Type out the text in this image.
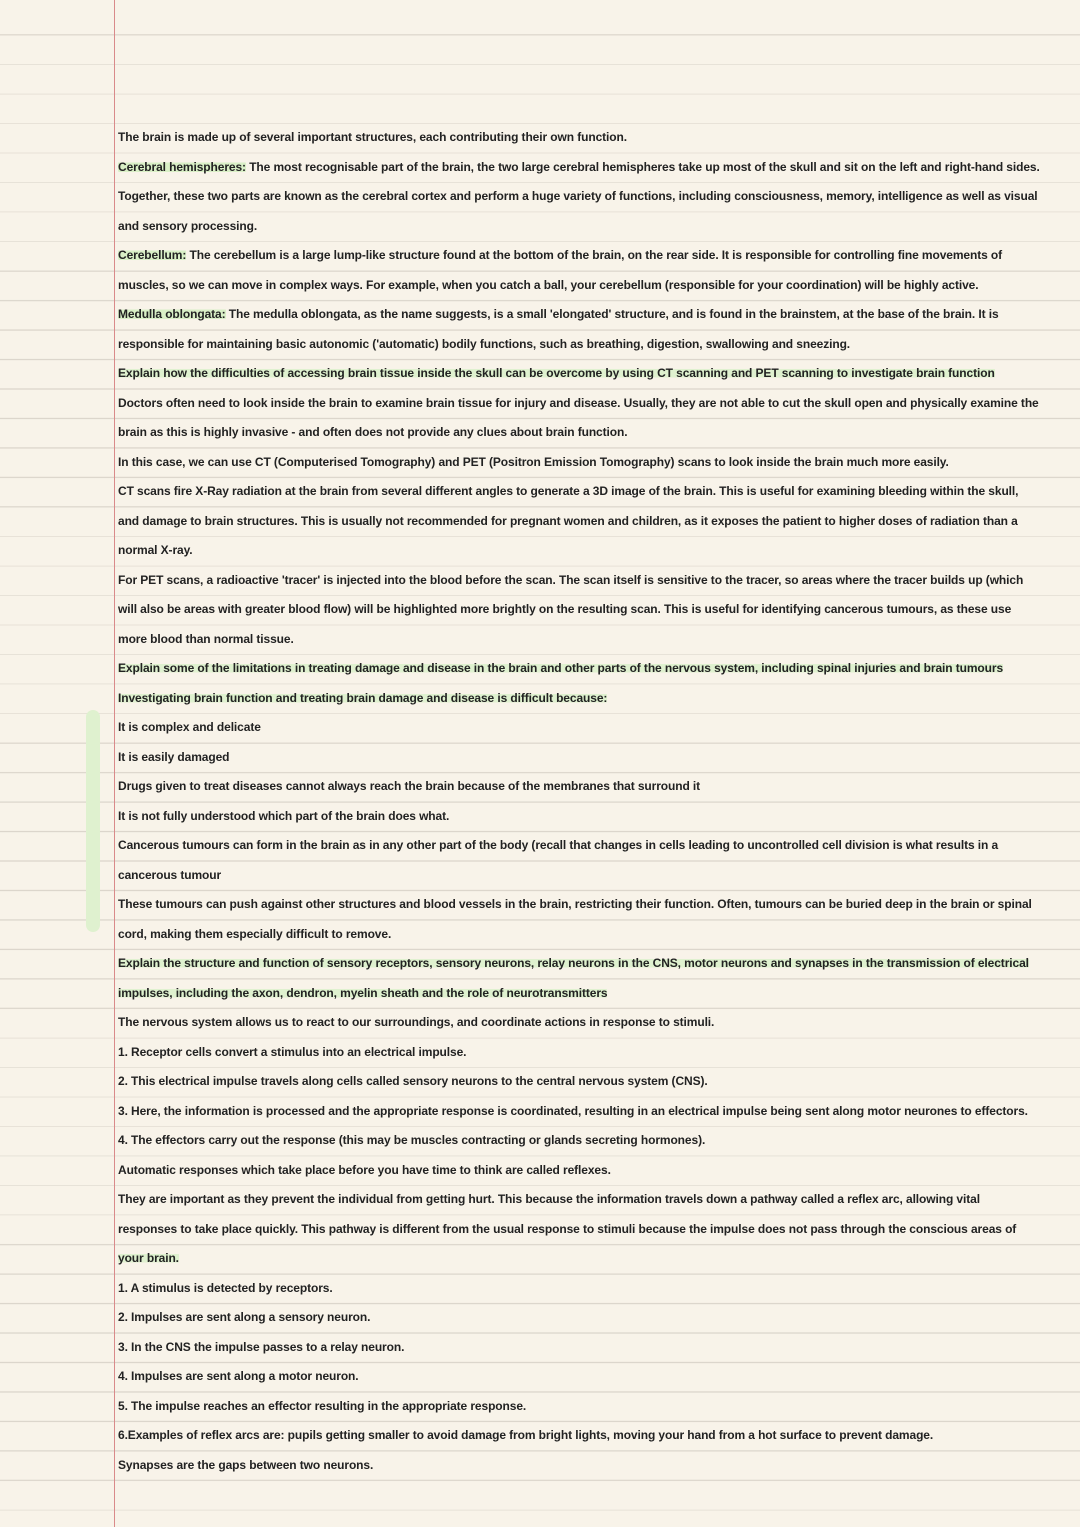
The brain is made up of several important structures, each contributing their own function.
Cerebral hemispheres: The most recognisable part of the brain, the two large cerebral hemispheres take up most of the skull and sit on the left and right-hand sides.
Together, these two parts are known as the cerebral cortex and perform a huge variety of functions, including consciousness, memory, intelligence as well as visual
and sensory processing.
Cerebellum: The cerebellum is a large lump-like structure found at the bottom of the brain, on the rear side. It is responsible for controlling fine movements of
muscles, so we can move in complex ways. For example, when you catch a ball, your cerebellum (responsible for your coordination) will be highly active.
Medulla oblongata: The medulla oblongata, as the name suggests, is a small 'elongated' structure, and is found in the brainstem, at the base of the brain. It is
responsible for maintaining basic autonomic ('automatic) bodily functions, such as breathing, digestion, swallowing and sneezing.
Explain how the difficulties of accessing brain tissue inside the skull can be overcome by using CT scanning and PET scanning to investigate brain function
Doctors often need to look inside the brain to examine brain tissue for injury and disease. Usually, they are not able to cut the skull open and physically examine the
brain as this is highly invasive - and often does not provide any clues about brain function.
In this case, we can use CT (Computerised Tomography) and PET (Positron Emission Tomography) scans to look inside the brain much more easily.
CT scans fire X-Ray radiation at the brain from several different angles to generate a 3D image of the brain. This is useful for examining bleeding within the skull,
and damage to brain structures. This is usually not recommended for pregnant women and children, as it exposes the patient to higher doses of radiation than a
normal X-ray.
For PET scans, a radioactive 'tracer' is injected into the blood before the scan. The scan itself is sensitive to the tracer, so areas where the tracer builds up (which
will also be areas with greater blood flow) will be highlighted more brightly on the resulting scan. This is useful for identifying cancerous tumours, as these use
more blood than normal tissue.
Explain some of the limitations in treating damage and disease in the brain and other parts of the nervous system, including spinal injuries and brain tumours
Investigating brain function and treating brain damage and disease is difficult because:
It is complex and delicate
It is easily damaged
Drugs given to treat diseases cannot always reach the brain because of the membranes that surround it
It is not fully understood which part of the brain does what.
Cancerous tumours can form in the brain as in any other part of the body (recall that changes in cells leading to uncontrolled cell division is what results in a
cancerous tumour
These tumours can push against other structures and blood vessels in the brain, restricting their function. Often, tumours can be buried deep in the brain or spinal
cord, making them especially difficult to remove.
Explain the structure and function of sensory receptors, sensory neurons, relay neurons in the CNS, motor neurons and synapses in the transmission of electrical
impulses, including the axon, dendron, myelin sheath and the role of neurotransmitters
The nervous system allows us to react to our surroundings, and coordinate actions in response to stimuli.
1. Receptor cells convert a stimulus into an electrical impulse.
2. This electrical impulse travels along cells called sensory neurons to the central nervous system (CNS).
3. Here, the information is processed and the appropriate response is coordinated, resulting in an electrical impulse being sent along motor neurones to effectors.
4. The effectors carry out the response (this may be muscles contracting or glands secreting hormones).
Automatic responses which take place before you have time to think are called reflexes.
They are important as they prevent the individual from getting hurt. This because the information travels down a pathway called a reflex arc, allowing vital
responses to take place quickly. This pathway is different from the usual response to stimuli because the impulse does not pass through the conscious areas of
your brain.
1. A stimulus is detected by receptors.
2. Impulses are sent along a sensory neuron.
3. In the CNS the impulse passes to a relay neuron.
4. Impulses are sent along a motor neuron.
5. The impulse reaches an effector resulting in the appropriate response.
6.Examples of reflex arcs are: pupils getting smaller to avoid damage from bright lights, moving your hand from a hot surface to prevent damage.
Synapses are the gaps between two neurons.
